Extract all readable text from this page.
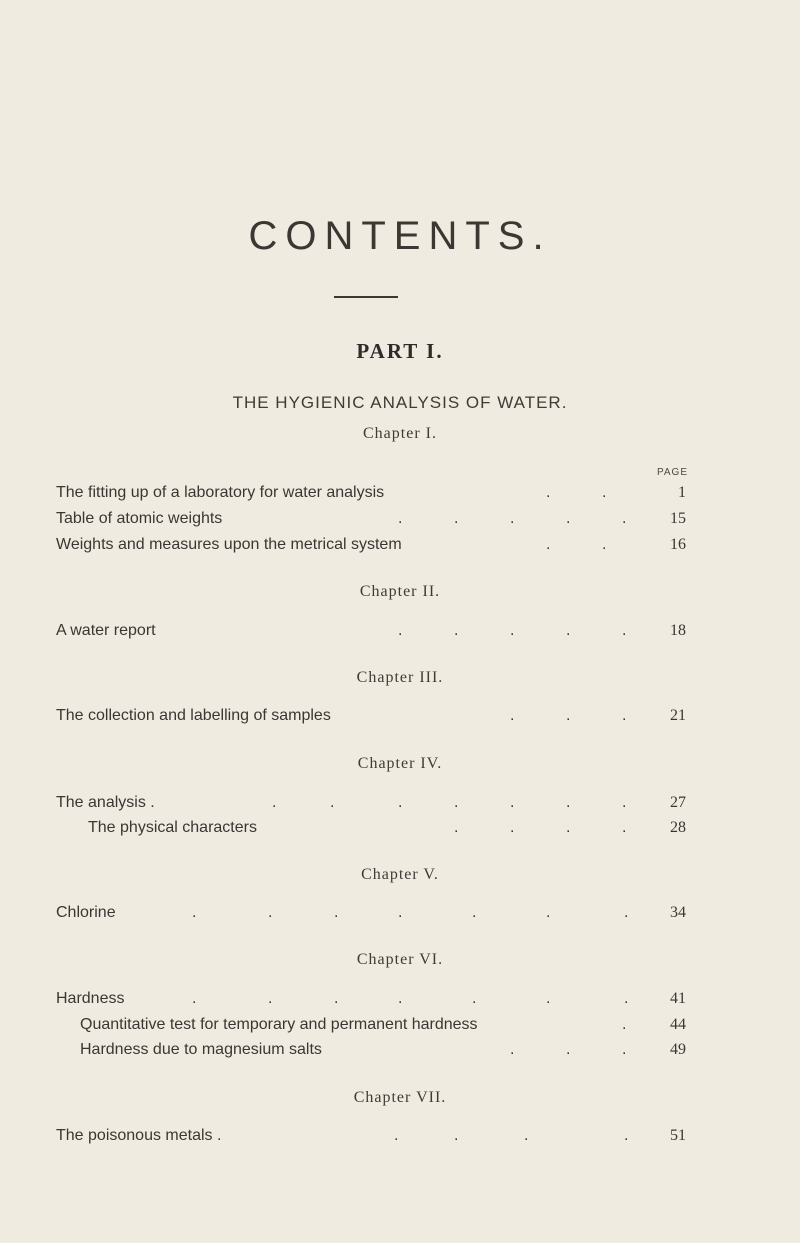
CONTENTS.
PART I.
THE HYGIENIC ANALYSIS OF WATER.
PAGE
Chapter I.
The fitting up of a laboratory for water analysis	.	.	1
Table of atomic weights	.	.	.	.	.	15
Weights and measures upon the metrical system	.	.	16
Chapter II.
A water report	.	.	.	.	.	18
Chapter III.
The collection and labelling of samples	.	.	.	21
Chapter IV.
The analysis .	.	.	.	.	.	.	.	27
The physical characters	.	.	.	.	28
Chapter V.
Chlorine	.	.	.	.	.	.	.	34
Chapter VI.
Hardness	.	.	.	.	.	.	.	41
Quantitative test for temporary and permanent hardness	.	44
Hardness due to magnesium salts	.	.	.	49
Chapter VII.
The poisonous metals .	.	.	.	.	51
